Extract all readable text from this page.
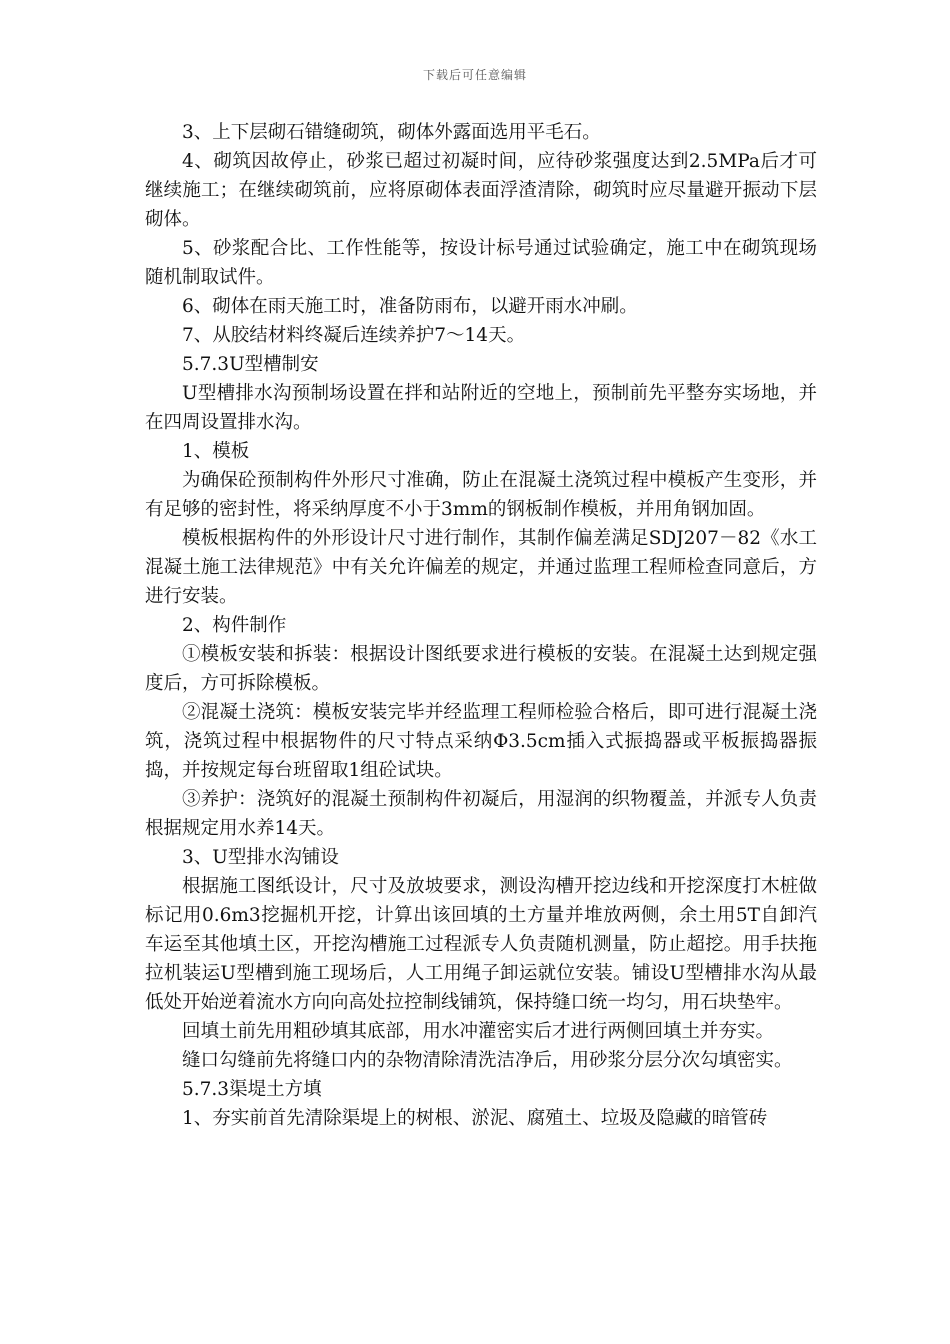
下载后可任意编辑

3、上下层砌石错缝砌筑，砌体外露面选用平毛石。

4、砌筑因故停止，砂浆已超过初凝时间，应待砂浆强度达到2.5MPa后才可继续施工；在继续砌筑前，应将原砌体表面浮渣清除，砌筑时应尽量避开振动下层砌体。

5、砂浆配合比、工作性能等，按设计标号通过试验确定，施工中在砌筑现场随机制取试件。

6、砌体在雨天施工时，准备防雨布，以避开雨水冲刷。

7、从胶结材料终凝后连续养护7～14天。

5.7.3U型槽制安

U型槽排水沟预制场设置在拌和站附近的空地上，预制前先平整夯实场地，并在四周设置排水沟。

1、模板

为确保砼预制构件外形尺寸准确，防止在混凝土浇筑过程中模板产生变形，并有足够的密封性，将采纳厚度不小于3mm的钢板制作模板，并用角钢加固。

模板根据构件的外形设计尺寸进行制作，其制作偏差满足SDJ207－82《水工混凝土施工法律规范》中有关允许偏差的规定，并通过监理工程师检查同意后，方进行安装。

2、构件制作

①模板安装和拆装：根据设计图纸要求进行模板的安装。在混凝土达到规定强度后，方可拆除模板。

②混凝土浇筑：模板安装完毕并经监理工程师检验合格后，即可进行混凝土浇筑，浇筑过程中根据物件的尺寸特点采纳Φ3.5cm插入式振捣器或平板振捣器振捣，并按规定每台班留取1组砼试块。

③养护：浇筑好的混凝土预制构件初凝后，用湿润的织物覆盖，并派专人负责根据规定用水养14天。

3、U型排水沟铺设

根据施工图纸设计，尺寸及放坡要求，测设沟槽开挖边线和开挖深度打木桩做标记用0.6m3挖掘机开挖，计算出该回填的土方量并堆放两侧，余土用5T自卸汽车运至其他填土区，开挖沟槽施工过程派专人负责随机测量，防止超挖。用手扶拖拉机装运U型槽到施工现场后，人工用绳子卸运就位安装。铺设U型槽排水沟从最低处开始逆着流水方向向高处拉控制线铺筑，保持缝口统一均匀，用石块垫牢。

回填土前先用粗砂填其底部，用水冲灌密实后才进行两侧回填土并夯实。

缝口勾缝前先将缝口内的杂物清除清洗洁净后，用砂浆分层分次勾填密实。

5.7.3渠堤土方填

1、夯实前首先清除渠堤上的树根、淤泥、腐殖土、垃圾及隐藏的暗管砖
